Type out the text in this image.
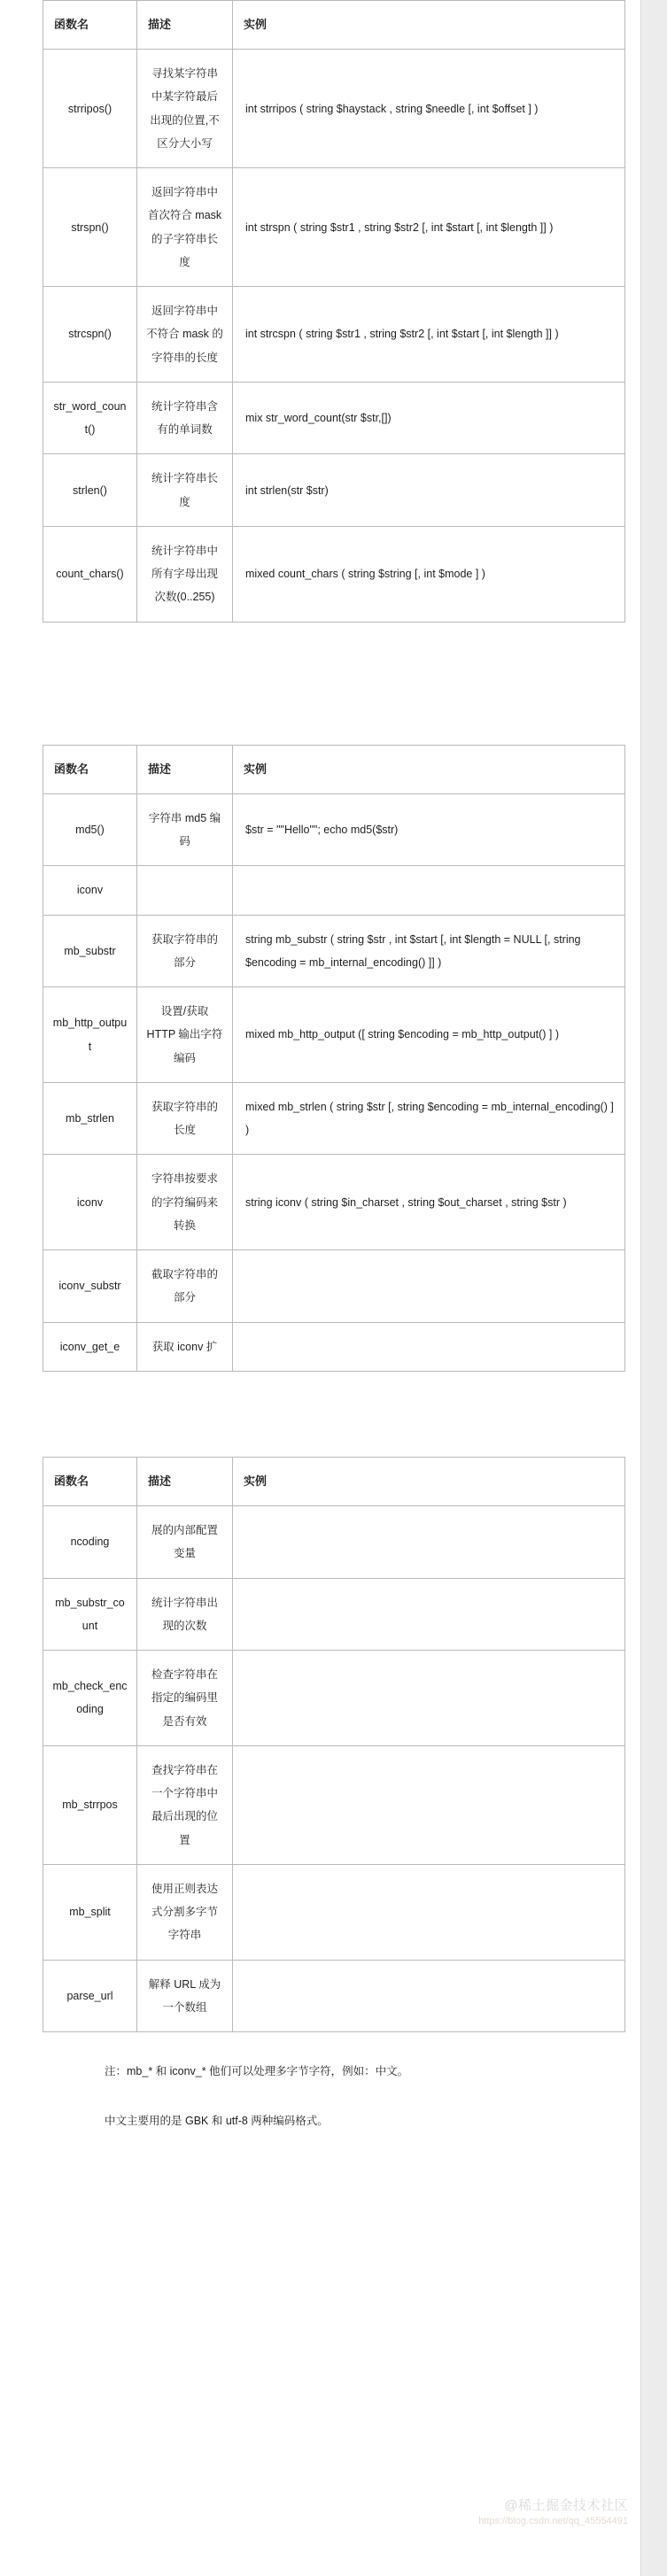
函数名	描述	实例
strripos()	寻找某字符串中某字符最后出现的位置,不区分大小写	int strripos ( string $haystack , string $needle [, int $offset ] )
strspn()	返回字符串中首次符合 mask 的子字符串长度	int strspn ( string $str1 , string $str2 [, int $start [, int $length ]] )
strcspn()	返回字符串中不符合 mask 的字符串的长度	int strcspn ( string $str1 , string $str2 [, int $start [, int $length ]] )
str_word_count()	统计字符串含有的单词数	mix str_word_count(str $str,[])
strlen()	统计字符串长度	int strlen(str $str)
count_chars()	统计字符串中所有字母出现次数(0..255)	mixed count_chars ( string $string [, int $mode ] )
函数名	描述	实例
md5()	字符串 md5 编码	$str = ""Hello""; echo md5($str)
iconv		
mb_substr	获取字符串的部分	string mb_substr ( string $str , int $start [, int $length = NULL [, string $encoding = mb_internal_encoding() ]] )
mb_http_output	设置/获取 HTTP 输出字符编码	mixed mb_http_output ([ string $encoding = mb_http_output() ] )
mb_strlen	获取字符串的长度	mixed mb_strlen ( string $str [, string $encoding = mb_internal_encoding() ] )
iconv	字符串按要求的字符编码来转换	string iconv ( string $in_charset , string $out_charset , string $str )
iconv_substr	截取字符串的部分	
iconv_get_e	获取 iconv 扩	
函数名	描述	实例
ncoding	展的内部配置变量	
mb_substr_count	统计字符串出现的次数	
mb_check_encoding	检查字符串在指定的编码里是否有效	
mb_strrpos	查找字符串在一个字符串中最后出现的位置	
mb_split	使用正则表达式分割多字节字符串	
parse_url	解释 URL 成为一个数组	

注：mb_* 和 iconv_* 他们可以处理多字节字符，例如：中文。

中文主要用的是 GBK 和 utf-8 两种编码格式。

@稀土掘金技术社区
https://blog.csdn.net/qq_45554491
